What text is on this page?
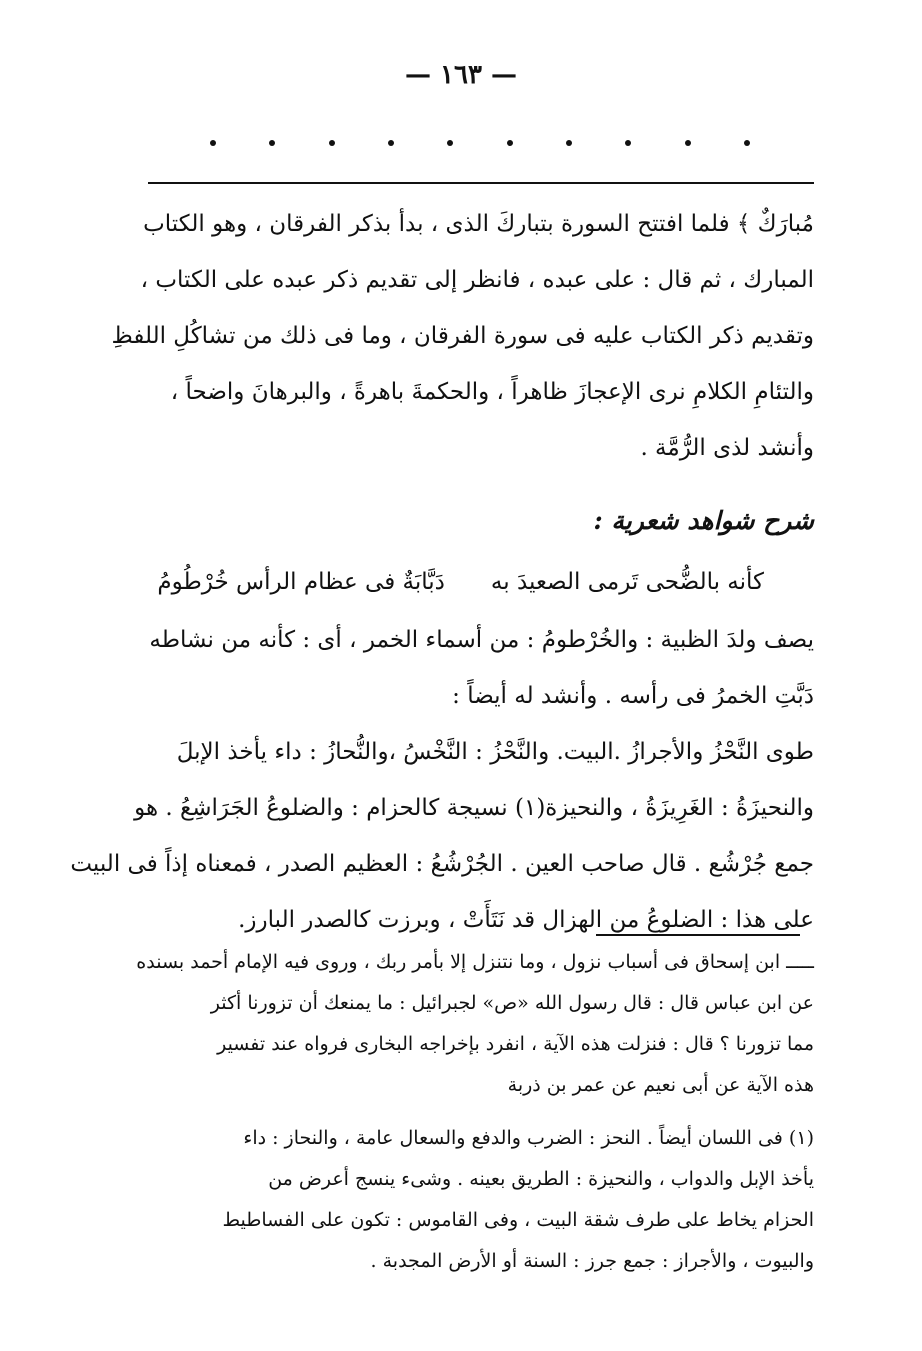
— ١٦٣ —
مُبارَكٌ ﴾ فلما افتتح السورة بتباركَ الذى ، بدأ بذكر الفرقان ، وهو الكتاب
المبارك ، ثم قال : على عبده ، فانظر إلى تقديم ذكر عبده على الكتاب ،
وتقديم ذكر الكتاب عليه فى سورة الفرقان ، وما فى ذلك من تشاكُلِ اللفظِ
والتئامِ الكلامِ نرى الإعجازَ ظاهراً ، والحكمةَ باهرةً ، والبرهانَ واضحاً ،
وأنشد لذى الرُّمَّة .
شرح شواهد شعرية :
كأنه بالضُّحى تَرمى الصعيدَ به
دَبَّابَةٌ فى عظام الرأس خُرْطُومُ
يصف ولدَ الظبية : والخُرْطومُ : من أسماء الخمر ، أى : كأنه من نشاطه
دَبَّتِ الخمرُ فى رأسه . وأنشد له أيضاً :
طوى النَّحْزُ والأجرازُ .البيت. والنَّحْزُ : النَّخْسُ ،والنُّحازُ : داء يأخذ الإبلَ
والنحيزَةُ : الغَرِيزَةُ ، والنحيزة(١) نسيجة كالحزام : والضلوعُ الجَرَاشِعُ . هو
جمع جُرْشُع . قال صاحب العين . الجُرْشُعُ : العظيم الصدر ، فمعناه إذاً فى البيت
على هذا : الضلوعُ من الهزال قد نَتَأَتْ ، وبرزت كالصدر البارز.
ـــــ ابن إسحاق فى أسباب نزول ، وما نتنزل إلا بأمر ربك ، وروى فيه الإمام أحمد بسنده
عن ابن عباس قال : قال رسول الله «ص» لجبرائيل : ما يمنعك أن تزورنا أكثر
مما تزورنا ؟ قال : فنزلت هذه الآية ، انفرد بإخراجه البخارى فرواه عند تفسير
هذه الآية عن أبى نعيم عن عمر بن ذربة
(١) فى اللسان أيضاً . النحز : الضرب والدفع والسعال عامة ، والنحاز : داء
يأخذ الإبل والدواب ، والنحيزة : الطريق بعينه . وشىء ينسج أعرض من
الحزام يخاط على طرف شقة البيت ، وفى القاموس : تكون على الفساطيط
والبيوت ، والأجراز : جمع جرز : السنة أو الأرض المجدبة .
